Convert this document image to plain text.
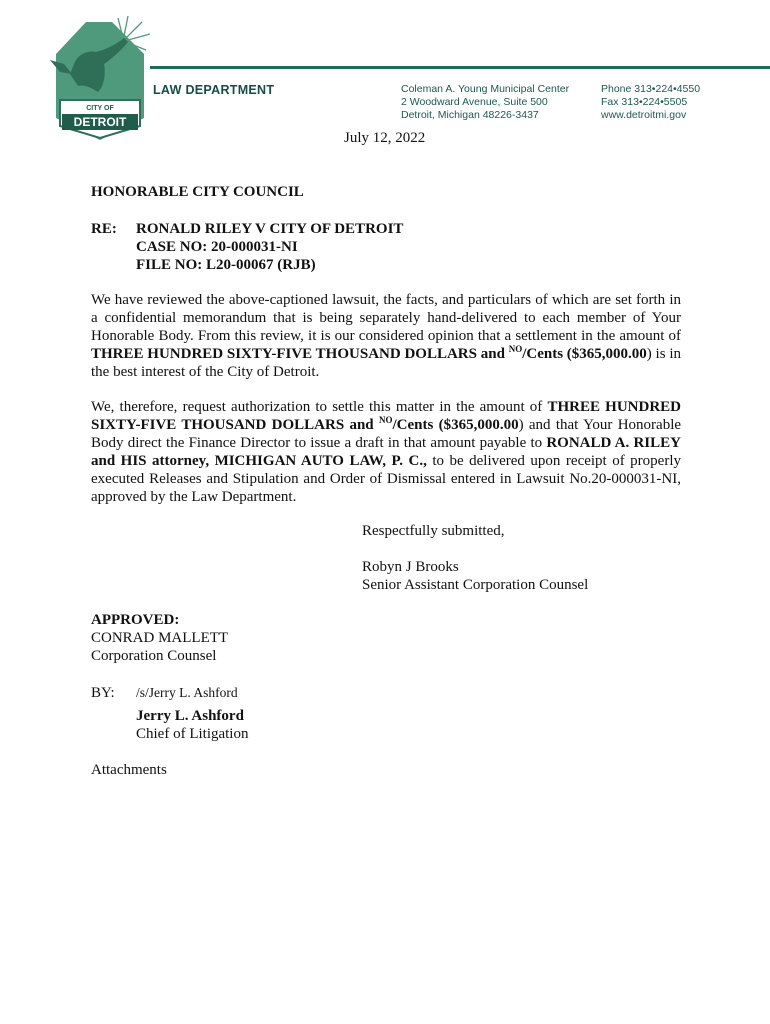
CITY OF
DETROIT
LAW DEPARTMENT	Coleman A. Young Municipal Center
2 Woodward Avenue, Suite 500
Detroit, Michigan 48226-3437
Phone 313•224•4550
Fax 313•224•5505
www.detroitmi.gov
July 12, 2022
HONORABLE CITY COUNCIL
RE: RONALD RILEY V CITY OF DETROIT
CASE NO: 20-000031-NI
FILE NO: L20-00067 (RJB)
We have reviewed the above-captioned lawsuit, the facts, and particulars of which are set forth in a confidential memorandum that is being separately hand-delivered to each member of Your Honorable Body. From this review, it is our considered opinion that a settlement in the amount of THREE HUNDRED SIXTY-FIVE THOUSAND DOLLARS and $^{NO}$/Cents ($365,000.00) is in the best interest of the City of Detroit.
We, therefore, request authorization to settle this matter in the amount of THREE HUNDRED SIXTY-FIVE THOUSAND DOLLARS and $^{NO}$/Cents ($365,000.00) and that Your Honorable Body direct the Finance Director to issue a draft in that amount payable to RONALD A. RILEY and HIS attorney, MICHIGAN AUTO LAW, P. C., to be delivered upon receipt of properly executed Releases and Stipulation and Order of Dismissal entered in Lawsuit No.20-000031-NI, approved by the Law Department.
Respectfully submitted,
Robyn J Brooks
Senior Assistant Corporation Counsel
APPROVED:
CONRAD MALLETT
Corporation Counsel
BY: /s/Jerry L. Ashford
Jerry L. Ashford
Chief of Litigation
Attachments
